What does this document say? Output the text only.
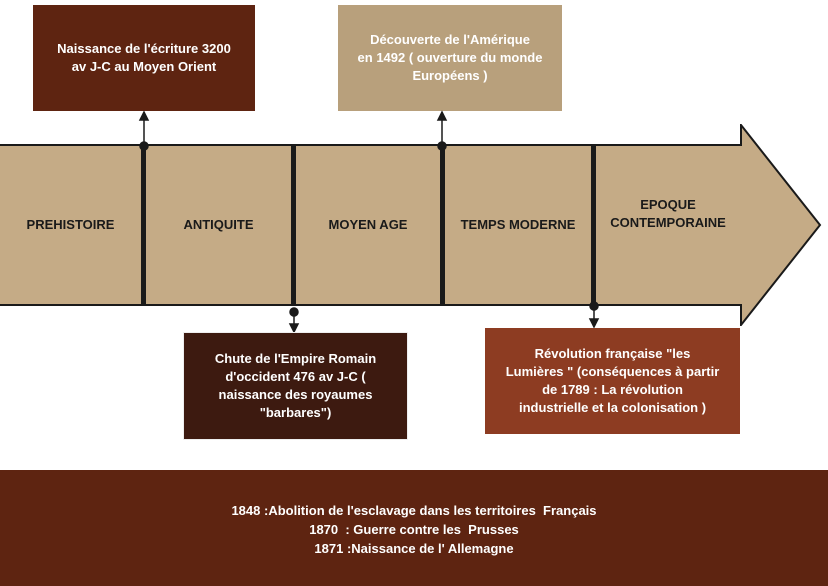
Naissance de l'écriture 3200
av J-C au Moyen Orient
Découverte de l'Amérique
en 1492 ( ouverture du monde
Européens )
PREHISTOIRE	ANTIQUITE	MOYEN AGE	TEMPS MODERNE
EPOQUE
CONTEMPORAINE
Chute de l'Empire Romain
d'occident 476 av J-C (
naissance des royaumes
"barbares")
Révolution française "les
Lumières " (conséquences à partir
de 1789 : La révolution
industrielle et la colonisation )
1848 :Abolition de l'esclavage dans les territoires  Français
1870  : Guerre contre les  Prusses
1871 :Naissance de l' Allemagne
